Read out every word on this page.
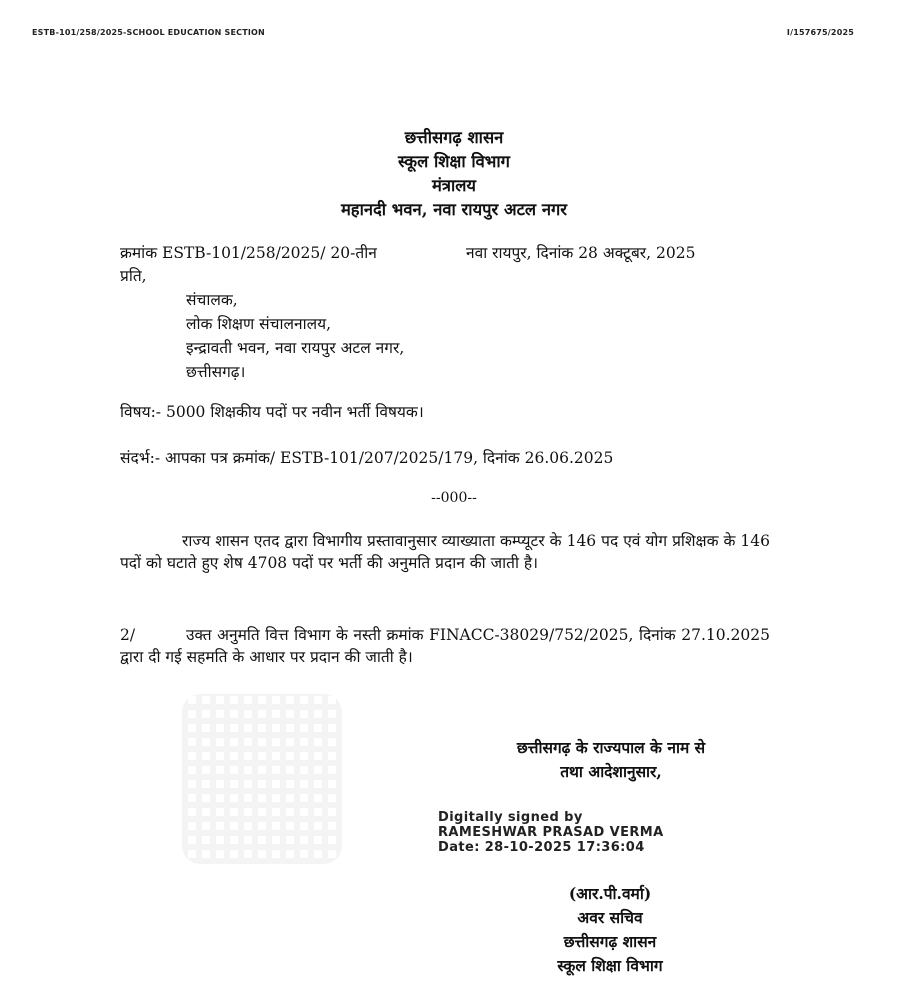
ESTB-101/258/2025-SCHOOL EDUCATION SECTION	I/157675/2025
छत्तीसगढ़ शासन
स्कूल शिक्षा विभाग
मंत्रालय
महानदी भवन, नवा रायपुर अटल नगर
क्रमांक ESTB-101/258/2025/ 20-तीन	नवा रायपुर, दिनांक 28 अक्टूबर, 2025
प्रति,
संचालक,
लोक शिक्षण संचालनालय,
इन्द्रावती भवन, नवा रायपुर अटल नगर,
छत्तीसगढ़।
विषय:- 5000 शिक्षकीय पदों पर नवीन भर्ती विषयक।
संदर्भ:- आपका पत्र क्रमांक/ ESTB-101/207/2025/179, दिनांक 26.06.2025
--000--

राज्य शासन एतद द्वारा विभागीय प्रस्तावानुसार व्याख्याता कम्प्यूटर के 146 पद एवं योग प्रशिक्षक के 146 पदों को घटाते हुए शेष 4708 पदों पर भर्ती की अनुमति प्रदान की जाती है।

2/	उक्त अनुमति वित्त विभाग के नस्ती क्रमांक FINACC-38029/752/2025, दिनांक 27.10.2025 द्वारा दी गई सहमति के आधार पर प्रदान की जाती है।

छत्तीसगढ़ के राज्यपाल के नाम से
तथा आदेशानुसार,
Digitally signed by
RAMESHWAR PRASAD VERMA
Date: 28-10-2025 17:36:04
(आर.पी.वर्मा)
अवर सचिव
छत्तीसगढ़ शासन
स्कूल शिक्षा विभाग
